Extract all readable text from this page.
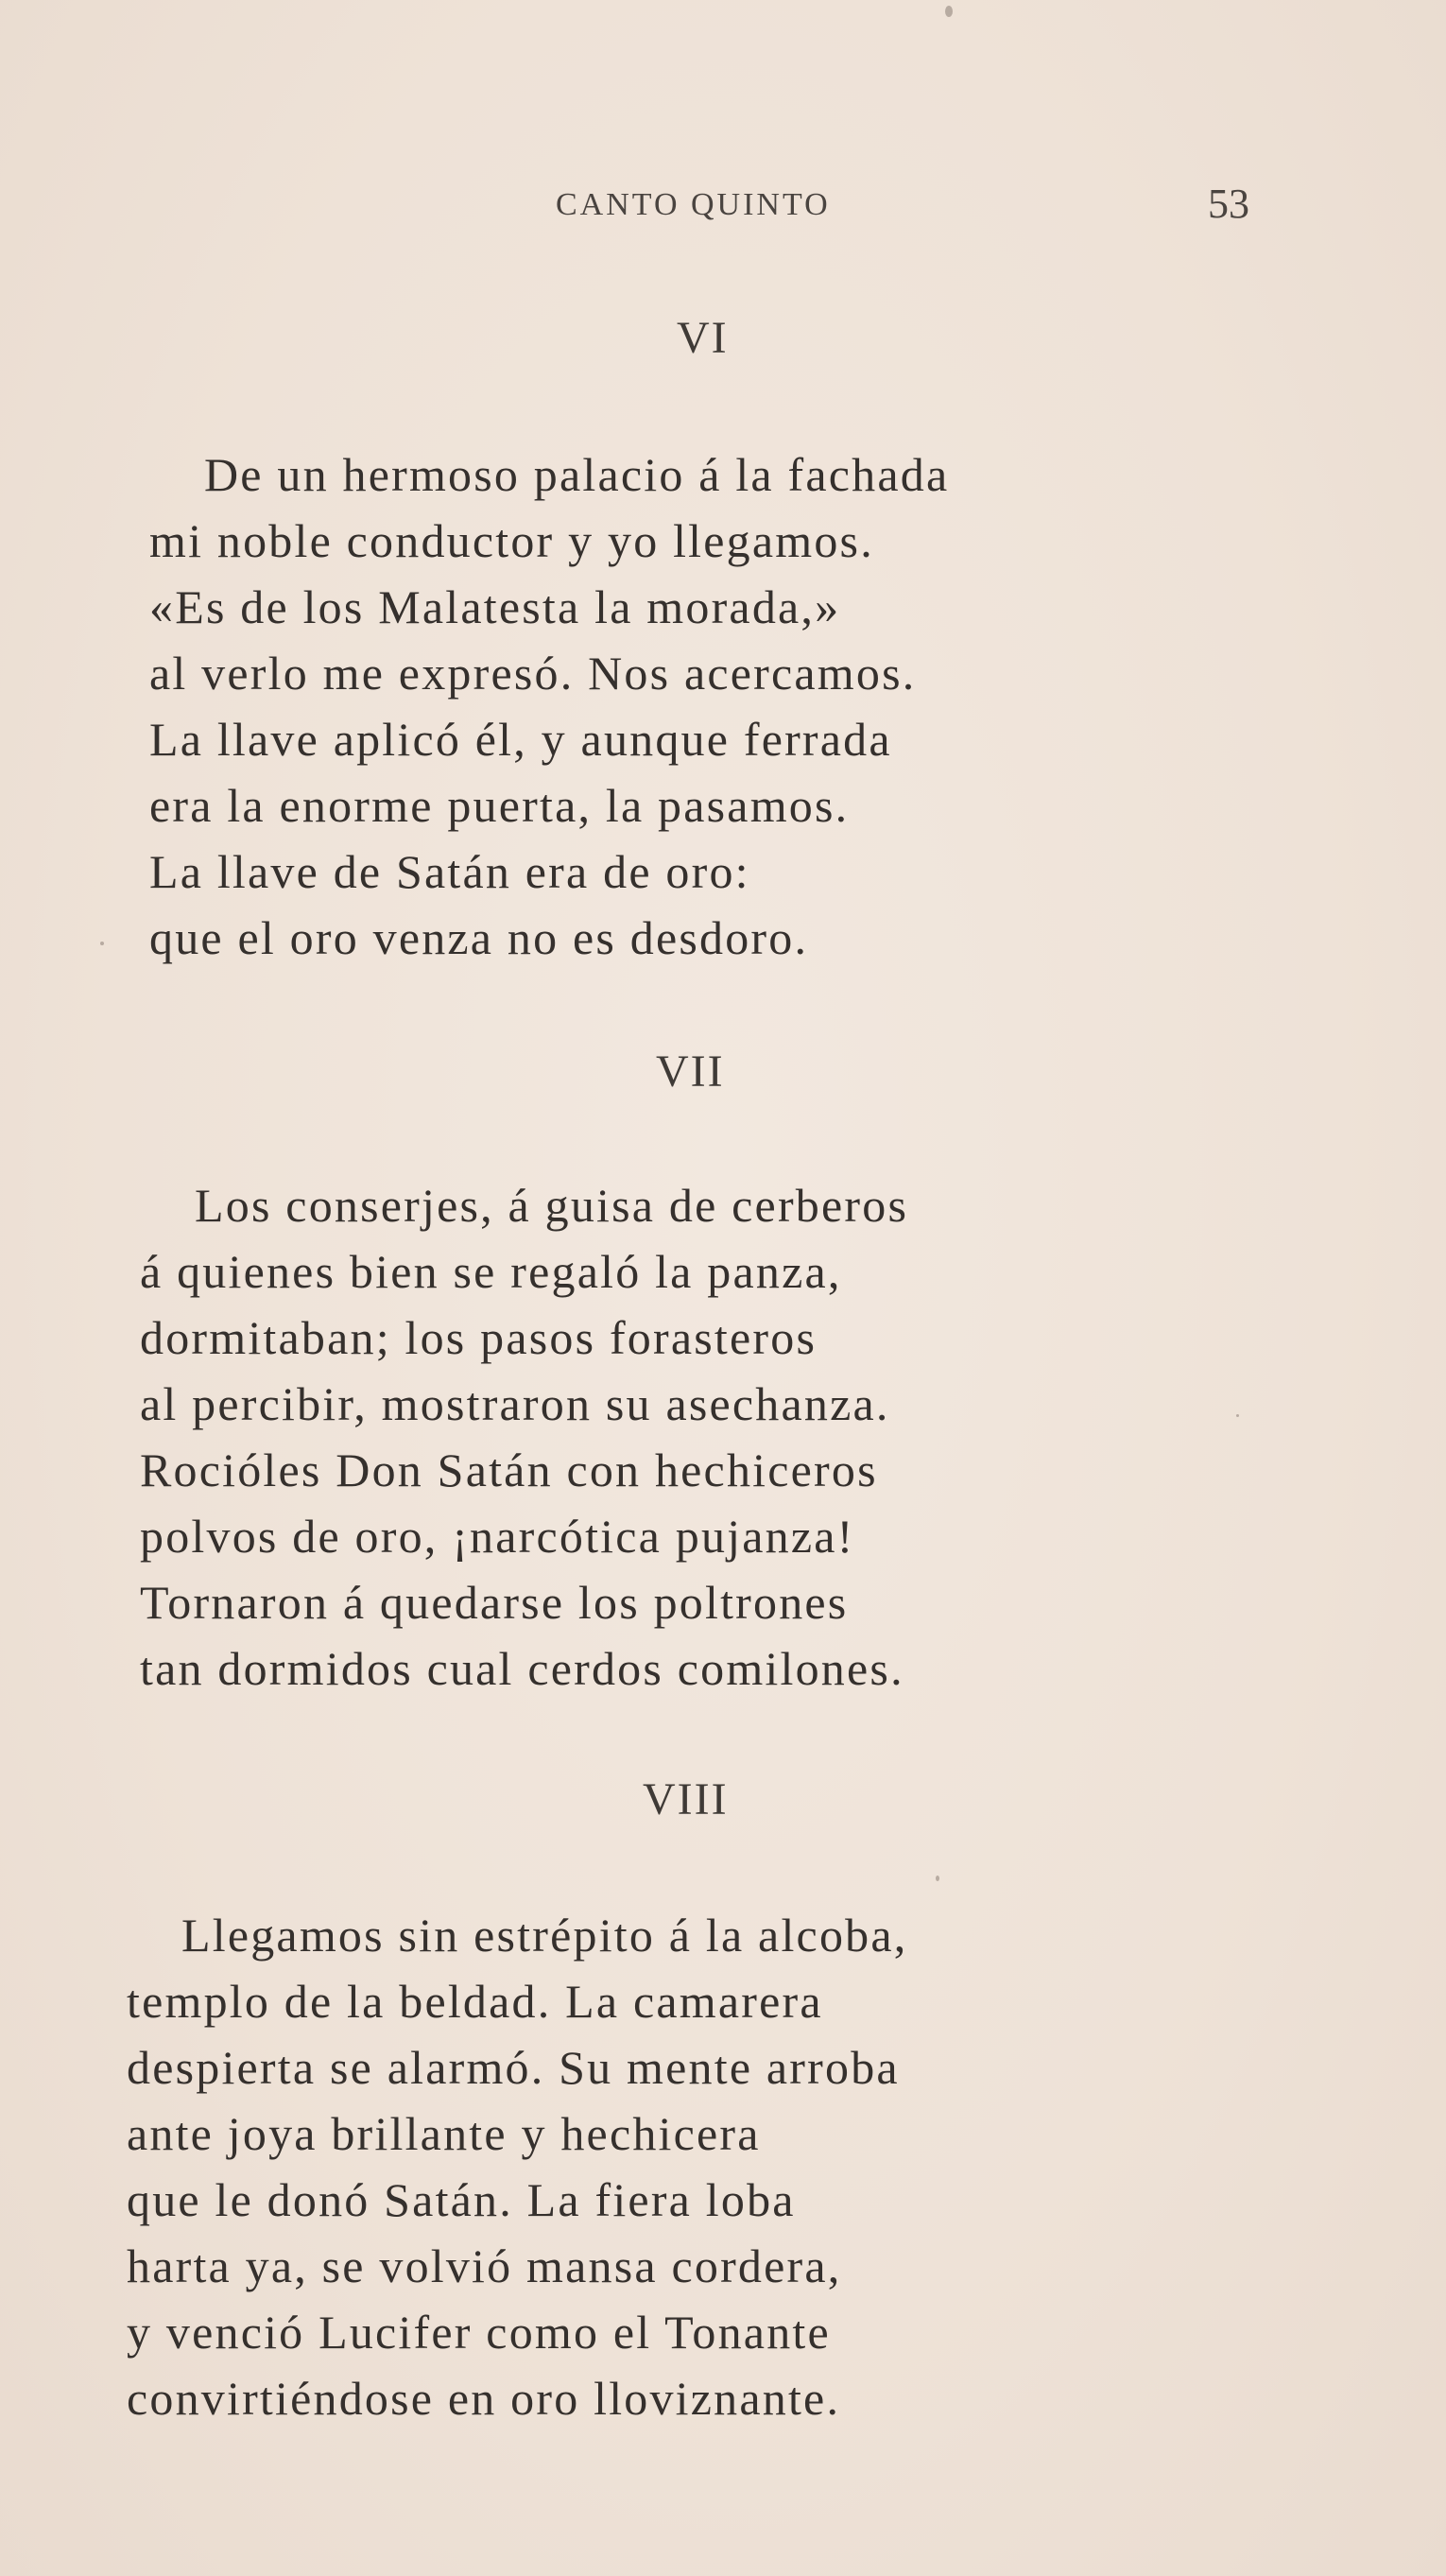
CANTO QUINTO	53
VI
De un hermoso palacio á la fachada
mi noble conductor y yo llegamos.
«Es de los Malatesta la morada,»
al verlo me expresó. Nos acercamos.
La llave aplicó él, y aunque ferrada
era la enorme puerta, la pasamos.
La llave de Satán era de oro:
que el oro venza no es desdoro.
VII
Los conserjes, á guisa de cerberos
á quienes bien se regaló la panza,
dormitaban; los pasos forasteros
al percibir, mostraron su asechanza.
Rocióles Don Satán con hechiceros
polvos de oro, ¡narcótica pujanza!
Tornaron á quedarse los poltrones
tan dormidos cual cerdos comilones.
VIII
Llegamos sin estrépito á la alcoba,
templo de la beldad. La camarera
despierta se alarmó. Su mente arroba
ante joya brillante y hechicera
que le donó Satán. La fiera loba
harta ya, se volvió mansa cordera,
y venció Lucifer como el Tonante
convirtiéndose en oro lloviznante.
